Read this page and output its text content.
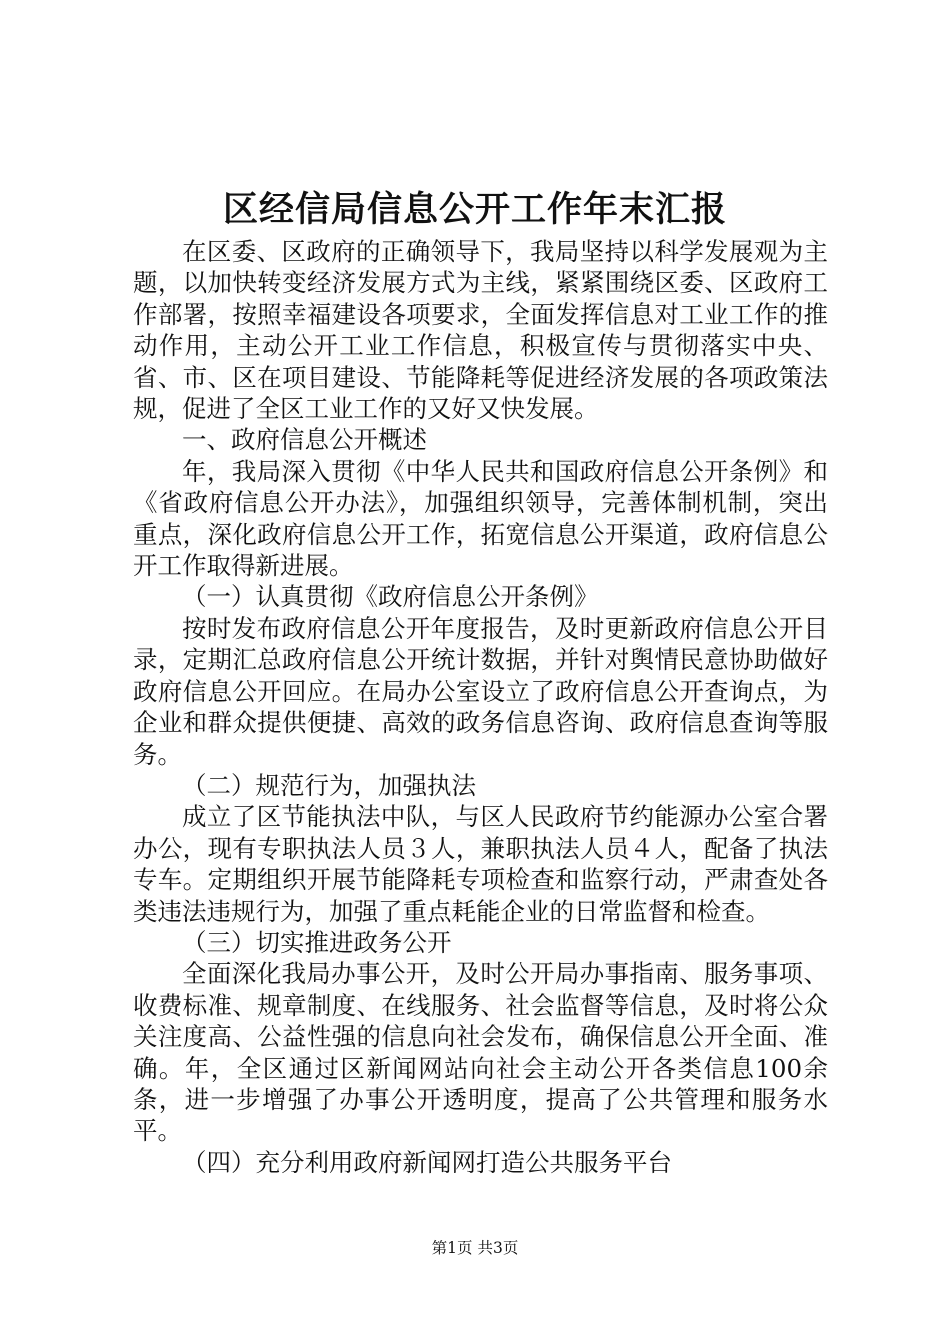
区经信局信息公开工作年末汇报

在区委、区政府的正确领导下，我局坚持以科学发展观为主题，以加快转变经济发展方式为主线，紧紧围绕区委、区政府工作部署，按照幸福建设各项要求，全面发挥信息对工业工作的推动作用，主动公开工业工作信息，积极宣传与贯彻落实中央、省、市、区在项目建设、节能降耗等促进经济发展的各项政策法规，促进了全区工业工作的又好又快发展。

一、政府信息公开概述

年，我局深入贯彻《中华人民共和国政府信息公开条例》和《省政府信息公开办法》，加强组织领导，完善体制机制，突出重点，深化政府信息公开工作，拓宽信息公开渠道，政府信息公开工作取得新进展。

（一）认真贯彻《政府信息公开条例》

按时发布政府信息公开年度报告，及时更新政府信息公开目录，定期汇总政府信息公开统计数据，并针对舆情民意协助做好政府信息公开回应。在局办公室设立了政府信息公开查询点，为企业和群众提供便捷、高效的政务信息咨询、政府信息查询等服务。

（二）规范行为，加强执法

成立了区节能执法中队，与区人民政府节约能源办公室合署办公，现有专职执法人员３人，兼职执法人员４人，配备了执法专车。定期组织开展节能降耗专项检查和监察行动，严肃查处各类违法违规行为，加强了重点耗能企业的日常监督和检查。

（三）切实推进政务公开

全面深化我局办事公开，及时公开局办事指南、服务事项、收费标准、规章制度、在线服务、社会监督等信息，及时将公众关注度高、公益性强的信息向社会发布，确保信息公开全面、准确。年，全区通过区新闻网站向社会主动公开各类信息100余条，进一步增强了办事公开透明度，提高了公共管理和服务水平。

（四）充分利用政府新闻网打造公共服务平台

第1页 共3页
